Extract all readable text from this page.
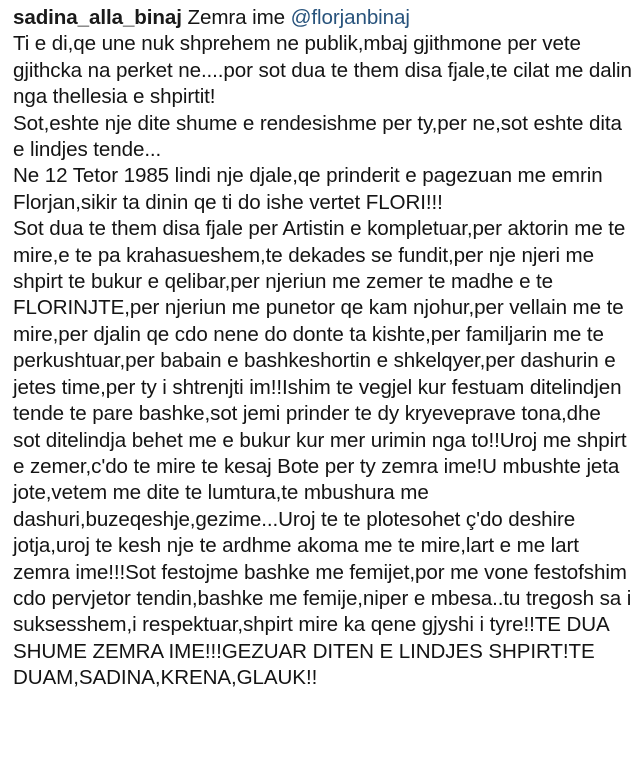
sadina_alla_binaj Zemra ime @florjanbinaj
Ti e di,qe une nuk shprehem ne publik,mbaj gjithmone per vete gjithcka na perket ne....por sot dua te them disa fjale,te cilat me dalin nga thellesia e shpirtit!
Sot,eshte nje dite shume e rendesishme per ty,per ne,sot eshte dita e lindjes tende...
Ne 12 Tetor 1985 lindi nje djale,qe prinderit e pagezuan me emrin Florjan,sikir ta dinin qe ti do ishe vertet FLORI!!!
Sot dua te them disa fjale per Artistin e kompletuar,per aktorin me te mire,e te pa krahasueshem,te dekades se fundit,per nje njeri me shpirt te bukur e qelibar,per njeriun me zemer te madhe e te FLORINJTE,per njeriun me punetor qe kam njohur,per vellain me te mire,per djalin qe cdo nene do donte ta kishte,per familjarin me te perkushtuar,per babain e bashkeshortin e shkelqyer,per dashurin e jetes time,per ty i shtrenjti im!!Ishim te vegjel kur festuam ditelindjen tende te pare bashke,sot jemi prinder te dy kryeveprave tona,dhe sot ditelindja behet me e bukur kur mer urimin nga to!!Uroj me shpirt e zemer,c'do te mire te kesaj Bote per ty zemra ime!U mbushte jeta jote,vetem me dite te lumtura,te mbushura me dashuri,buzeqeshje,gezime...Uroj te te plotesohet ç'do deshire jotja,uroj te kesh nje te ardhme akoma me te mire,lart e me lart zemra ime!!!Sot festojme bashke me femijet,por me vone festofshim cdo pervjetor tendin,bashke me femije,niper e mbesa..tu tregosh sa i suksesshem,i respektuar,shpirt mire ka qene gjyshi i tyre!!TE DUA SHUME ZEMRA IME!!!GEZUAR DITEN E LINDJES SHPIRT!TE DUAM,SADINA,KRENA,GLAUK!!
